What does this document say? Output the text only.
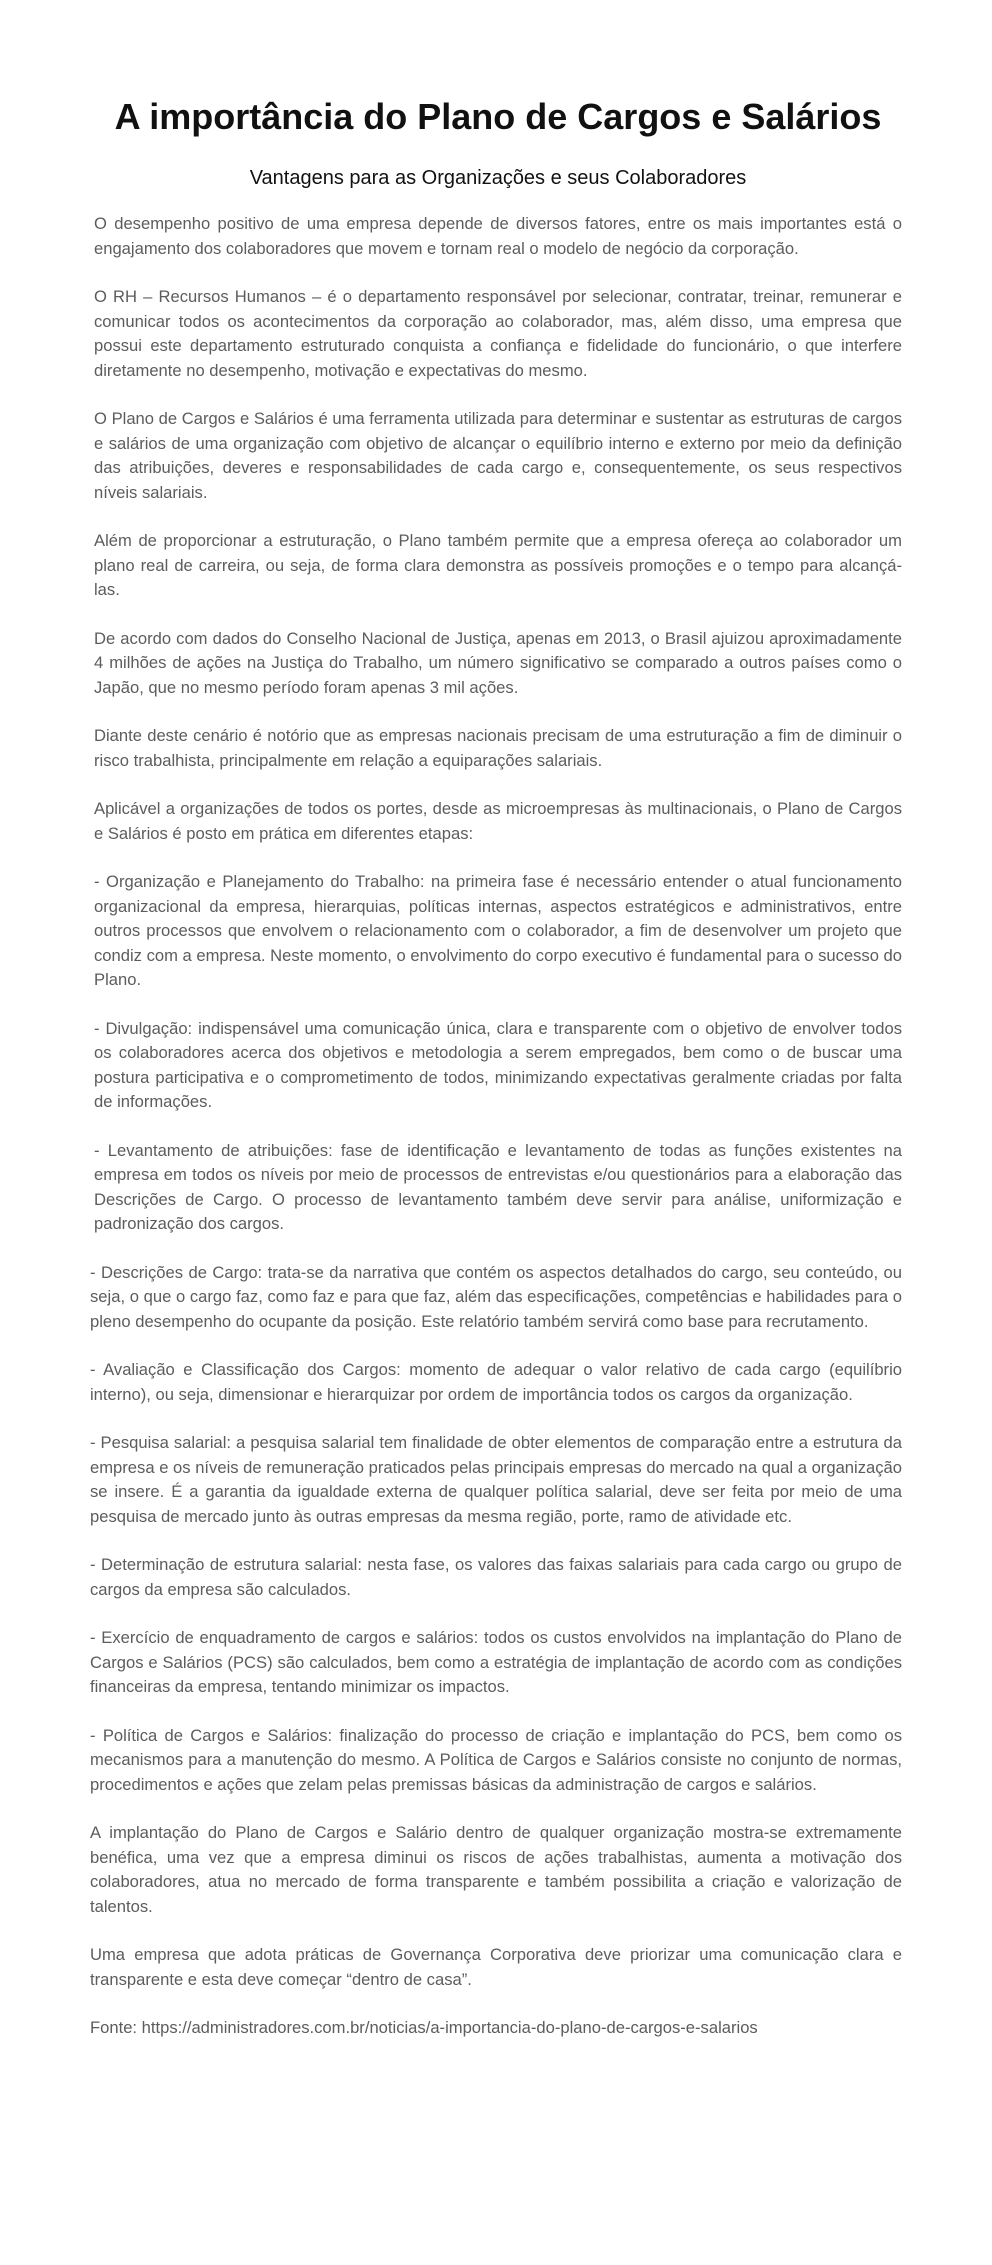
A importância do Plano de Cargos e Salários
Vantagens para as Organizações e seus Colaboradores

O desempenho positivo de uma empresa depende de diversos fatores, entre os mais importantes está o engajamento dos colaboradores que movem e tornam real o modelo de negócio da corporação.

O RH – Recursos Humanos – é o departamento responsável por selecionar, contratar, treinar, remunerar e comunicar todos os acontecimentos da corporação ao colaborador, mas, além disso, uma empresa que possui este departamento estruturado conquista a confiança e fidelidade do funcionário, o que interfere diretamente no desempenho, motivação e expectativas do mesmo.

O Plano de Cargos e Salários é uma ferramenta utilizada para determinar e sustentar as estruturas de cargos e salários de uma organização com objetivo de alcançar o equilíbrio interno e externo por meio da definição das atribuições, deveres e responsabilidades de cada cargo e, consequentemente, os seus respectivos níveis salariais.

Além de proporcionar a estruturação, o Plano também permite que a empresa ofereça ao colaborador um plano real de carreira, ou seja, de forma clara demonstra as possíveis promoções e o tempo para alcançá-las.

De acordo com dados do Conselho Nacional de Justiça, apenas em 2013, o Brasil ajuizou aproximadamente 4 milhões de ações na Justiça do Trabalho, um número significativo se comparado a outros países como o Japão, que no mesmo período foram apenas 3 mil ações.

Diante deste cenário é notório que as empresas nacionais precisam de uma estruturação a fim de diminuir o risco trabalhista, principalmente em relação a equiparações salariais.

Aplicável a organizações de todos os portes, desde as microempresas às multinacionais, o Plano de Cargos e Salários é posto em prática em diferentes etapas:

- Organização e Planejamento do Trabalho: na primeira fase é necessário entender o atual funcionamento organizacional da empresa, hierarquias, políticas internas, aspectos estratégicos e administrativos, entre outros processos que envolvem o relacionamento com o colaborador, a fim de desenvolver um projeto que condiz com a empresa. Neste momento, o envolvimento do corpo executivo é fundamental para o sucesso do Plano.

- Divulgação: indispensável uma comunicação única, clara e transparente com o objetivo de envolver todos os colaboradores acerca dos objetivos e metodologia a serem empregados, bem como o de buscar uma postura participativa e o comprometimento de todos, minimizando expectativas geralmente criadas por falta de informações.

- Levantamento de atribuições: fase de identificação e levantamento de todas as funções existentes na empresa em todos os níveis por meio de processos de entrevistas e/ou questionários para a elaboração das Descrições de Cargo. O processo de levantamento também deve servir para análise, uniformização e padronização dos cargos.

- Descrições de Cargo: trata-se da narrativa que contém os aspectos detalhados do cargo, seu conteúdo, ou seja, o que o cargo faz, como faz e para que faz, além das especificações, competências e habilidades para o pleno desempenho do ocupante da posição. Este relatório também servirá como base para recrutamento.

- Avaliação e Classificação dos Cargos: momento de adequar o valor relativo de cada cargo (equilíbrio interno), ou seja, dimensionar e hierarquizar por ordem de importância todos os cargos da organização.

- Pesquisa salarial: a pesquisa salarial tem finalidade de obter elementos de comparação entre a estrutura da empresa e os níveis de remuneração praticados pelas principais empresas do mercado na qual a organização se insere. É a garantia da igualdade externa de qualquer política salarial, deve ser feita por meio de uma pesquisa de mercado junto às outras empresas da mesma região, porte, ramo de atividade etc.

- Determinação de estrutura salarial: nesta fase, os valores das faixas salariais para cada cargo ou grupo de cargos da empresa são calculados.

- Exercício de enquadramento de cargos e salários: todos os custos envolvidos na implantação do Plano de Cargos e Salários (PCS) são calculados, bem como a estratégia de implantação de acordo com as condições financeiras da empresa, tentando minimizar os impactos.

- Política de Cargos e Salários: finalização do processo de criação e implantação do PCS, bem como os mecanismos para a manutenção do mesmo. A Política de Cargos e Salários consiste no conjunto de normas, procedimentos e ações que zelam pelas premissas básicas da administração de cargos e salários.

A implantação do Plano de Cargos e Salário dentro de qualquer organização mostra-se extremamente benéfica, uma vez que a empresa diminui os riscos de ações trabalhistas, aumenta a motivação dos colaboradores, atua no mercado de forma transparente e também possibilita a criação e valorização de talentos.

Uma empresa que adota práticas de Governança Corporativa deve priorizar uma comunicação clara e transparente e esta deve começar “dentro de casa”.

Fonte: https://administradores.com.br/noticias/a-importancia-do-plano-de-cargos-e-salarios
